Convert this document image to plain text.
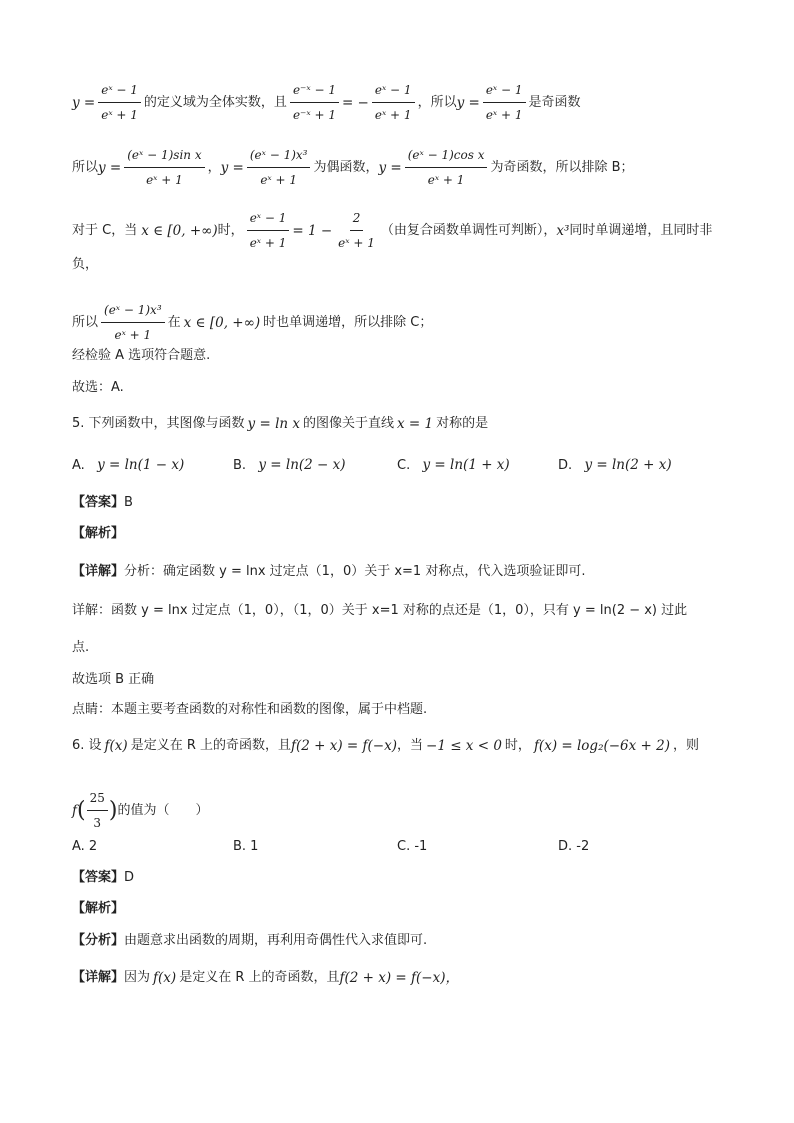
$y = \frac{\text{eˣ − 1}}{\text{eˣ + 1}}$ 的定义域为全体实数，且 $\frac{\text{e⁻ˣ − 1}}{\text{e⁻ˣ + 1}}$ = − $\frac{\text{eˣ − 1}}{\text{eˣ + 1}}$ ，所以 $y = \frac{\text{eˣ − 1}}{\text{eˣ + 1}}$ 是奇函数
所以 $y = \frac{\text{(eˣ − 1)sin x}}{\text{eˣ + 1}}$ ， $y = \frac{\text{(eˣ − 1)x³}}{\text{eˣ + 1}}$ 为偶函数， $y = \frac{\text{(eˣ − 1)cos x}}{\text{eˣ + 1}}$ 为奇函数，所以排除 B；
对于 C，当 x ∈ [0, +∞) 时， $\frac{\text{eˣ − 1}}{\text{eˣ + 1}} = 1 - \frac{2}{\text{eˣ + 1}}$ （由复合函数单调性可判断）， x³ 同时单调递增，且同时非
负，
所以 $\frac{\text{(eˣ − 1)x³}}{\text{eˣ + 1}}$ 在 x ∈ [0, +∞) 时也单调递增，所以排除 C；
经检验 A 选项符合题意.
故选：A.
5. 下列函数中，其图像与函数 y = ln x 的图像关于直线 x = 1 对称的是
A. y = ln(1 − x)	B. y = ln(2 − x)	C. y = ln(1 + x)	D. y = ln(2 + x)
【答案】 B
【解析】
【详解】 分析：确定函数 y = lnx 过定点（1，0）关于 x=1 对称点，代入选项验证即可.
详解：函数 y = lnx 过定点（1，0），（1，0）关于 x=1 对称的点还是（1，0），只有 y = ln(2 − x) 过此
点.
故选项 B 正确
点睛：本题主要考查函数的对称性和函数的图像，属于中档题.
6. 设 f(x) 是定义在 R 上的奇函数，且 f(2 + x) = f(−x) ，当 −1 ≤ x < 0 时， f(x) = log₂(−6x + 2) ，则
f ( $\frac{25}{3}$ ) 的值为（　　）
A. 2	B. 1	C. -1	D. -2
【答案】 D
【解析】
【分析】 由题意求出函数的周期，再利用奇偶性代入求值即可.
【详解】 因为 f(x) 是定义在 R 上的奇函数，且 f(2 + x) = f(−x)，
